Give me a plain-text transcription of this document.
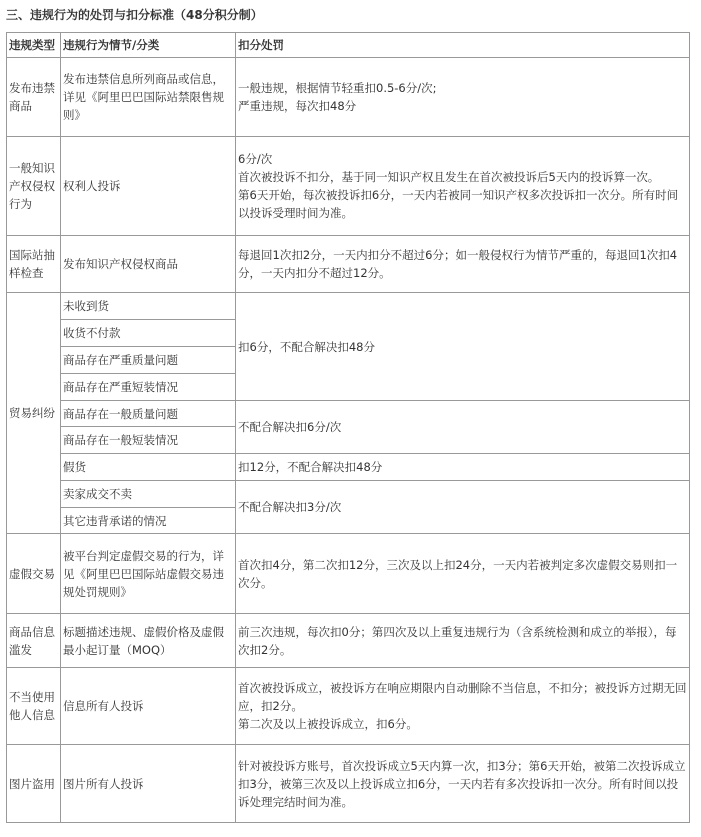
三、违规行为的处罚与扣分标准（48分积分制）
违规类型	违规行为情节/分类	扣分处罚
发布违禁商品	发布违禁信息所列商品或信息，详见《阿里巴巴国际站禁限售规则》	一般违规，根据情节轻重扣0.5-6分/次;
严重违规，每次扣48分

一般知识产权侵权行为	权利人投诉	6分/次
首次被投诉不扣分，基于同一知识产权且发生在首次被投诉后5天内的投诉算一次。
第6天开始，每次被投诉扣6分，一天内若被同一知识产权多次投诉扣一次分。所有时间以投诉受理时间为准。

国际站抽样检查	发布知识产权侵权商品	每退回1次扣2分，一天内扣分不超过6分；如一般侵权行为情节严重的，每退回1次扣4分，一天内扣分不超过12分。
贸易纠纷	未收到货	扣6分，不配合解决扣48分
	收货不付款	
	商品存在严重质量问题	
	商品存在严重短装情况	
	商品存在一般质量问题	不配合解决扣6分/次
	商品存在一般短装情况	
	假货	扣12分，不配合解决扣48分
	卖家成交不卖	不配合解决扣3分/次
	其它违背承诺的情况	
虚假交易	被平台判定虚假交易的行为，详见《阿里巴巴国际站虚假交易违规处罚规则》	首次扣4分，第二次扣12分，三次及以上扣24分，一天内若被判定多次虚假交易则扣一次分。
商品信息滥发	标题描述违规、虚假价格及虚假最小起订量（MOQ）	前三次违规，每次扣0分；第四次及以上重复违规行为（含系统检测和成立的举报），每次扣2分。
不当使用他人信息	信息所有人投诉	首次被投诉成立，被投诉方在响应期限内自动删除不当信息，不扣分；被投诉方过期无回应，扣2分。
第二次及以上被投诉成立，扣6分。

图片盗用	图片所有人投诉	针对被投诉方账号，首次投诉成立5天内算一次，扣3分；第6天开始，被第二次投诉成立扣3分，被第三次及以上投诉成立扣6分，一天内若有多次投诉扣一次分。所有时间以投诉处理完结时间为准。
